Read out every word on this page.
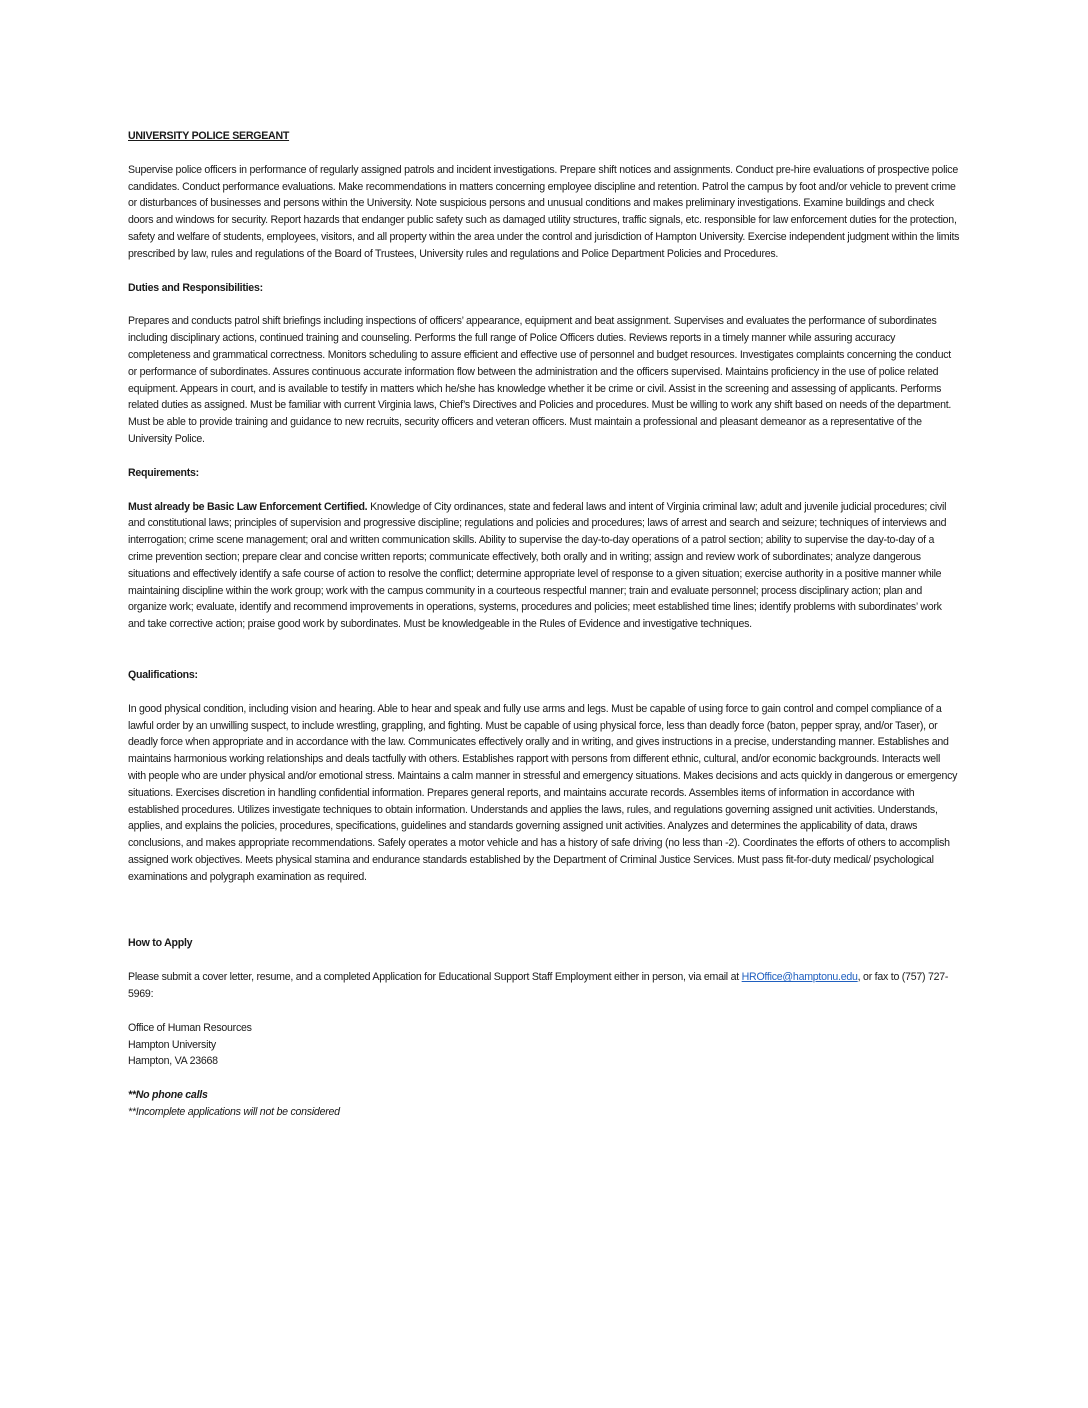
UNIVERSITY POLICE SERGEANT

Supervise police officers in performance of regularly assigned patrols and incident investigations. Prepare shift notices and assignments. Conduct pre-hire evaluations of prospective police candidates. Conduct performance evaluations. Make recommendations in matters concerning employee discipline and retention. Patrol the campus by foot and/or vehicle to prevent crime or disturbances of businesses and persons within the University. Note suspicious persons and unusual conditions and makes preliminary investigations. Examine buildings and check doors and windows for security. Report hazards that endanger public safety such as damaged utility structures, traffic signals, etc. responsible for law enforcement duties for the protection, safety and welfare of students, employees, visitors, and all property within the area under the control and jurisdiction of Hampton University. Exercise independent judgment within the limits prescribed by law, rules and regulations of the Board of Trustees, University rules and regulations and Police Department Policies and Procedures.

Duties and Responsibilities:

Prepares and conducts patrol shift briefings including inspections of officers’ appearance, equipment and beat assignment. Supervises and evaluates the performance of subordinates including disciplinary actions, continued training and counseling. Performs the full range of Police Officers duties. Reviews reports in a timely manner while assuring accuracy completeness and grammatical correctness. Monitors scheduling to assure efficient and effective use of personnel and budget resources. Investigates complaints concerning the conduct or performance of subordinates. Assures continuous accurate information flow between the administration and the officers supervised. Maintains proficiency in the use of police related equipment. Appears in court, and is available to testify in matters which he/she has knowledge whether it be crime or civil. Assist in the screening and assessing of applicants. Performs related duties as assigned. Must be familiar with current Virginia laws, Chief’s Directives and Policies and procedures. Must be willing to work any shift based on needs of the department. Must be able to provide training and guidance to new recruits, security officers and veteran officers. Must maintain a professional and pleasant demeanor as a representative of the University Police.

Requirements:

Must already be Basic Law Enforcement Certified. Knowledge of City ordinances, state and federal laws and intent of Virginia criminal law; adult and juvenile judicial procedures; civil and constitutional laws; principles of supervision and progressive discipline; regulations and policies and procedures; laws of arrest and search and seizure; techniques of interviews and interrogation; crime scene management; oral and written communication skills. Ability to supervise the day-to-day operations of a patrol section; ability to supervise the day-to-day of a crime prevention section; prepare clear and concise written reports; communicate effectively, both orally and in writing; assign and review work of subordinates; analyze dangerous situations and effectively identify a safe course of action to resolve the conflict; determine appropriate level of response to a given situation; exercise authority in a positive manner while maintaining discipline within the work group; work with the campus community in a courteous respectful manner; train and evaluate personnel; process disciplinary action; plan and organize work; evaluate, identify and recommend improvements in operations, systems, procedures and policies; meet established time lines; identify problems with subordinates’ work and take corrective action; praise good work by subordinates. Must be knowledgeable in the Rules of Evidence and investigative techniques.

Qualifications:

In good physical condition, including vision and hearing. Able to hear and speak and fully use arms and legs. Must be capable of using force to gain control and compel compliance of a lawful order by an unwilling suspect, to include wrestling, grappling, and fighting. Must be capable of using physical force, less than deadly force (baton, pepper spray, and/or Taser), or deadly force when appropriate and in accordance with the law. Communicates effectively orally and in writing, and gives instructions in a precise, understanding manner. Establishes and maintains harmonious working relationships and deals tactfully with others. Establishes rapport with persons from different ethnic, cultural, and/or economic backgrounds. Interacts well with people who are under physical and/or emotional stress. Maintains a calm manner in stressful and emergency situations. Makes decisions and acts quickly in dangerous or emergency situations. Exercises discretion in handling confidential information. Prepares general reports, and maintains accurate records. Assembles items of information in accordance with established procedures. Utilizes investigate techniques to obtain information. Understands and applies the laws, rules, and regulations governing assigned unit activities. Understands, applies, and explains the policies, procedures, specifications, guidelines and standards governing assigned unit activities. Analyzes and determines the applicability of data, draws conclusions, and makes appropriate recommendations. Safely operates a motor vehicle and has a history of safe driving (no less than -2). Coordinates the efforts of others to accomplish assigned work objectives. Meets physical stamina and endurance standards established by the Department of Criminal Justice Services. Must pass fit-for-duty medical/ psychological examinations and polygraph examination as required.

How to Apply

Please submit a cover letter, resume, and a completed Application for Educational Support Staff Employment either in person, via email at HROffice@hamptonu.edu, or fax to (757) 727-5969:

Office of Human Resources
Hampton University
Hampton, VA 23668

**No phone calls

**Incomplete applications will not be considered
